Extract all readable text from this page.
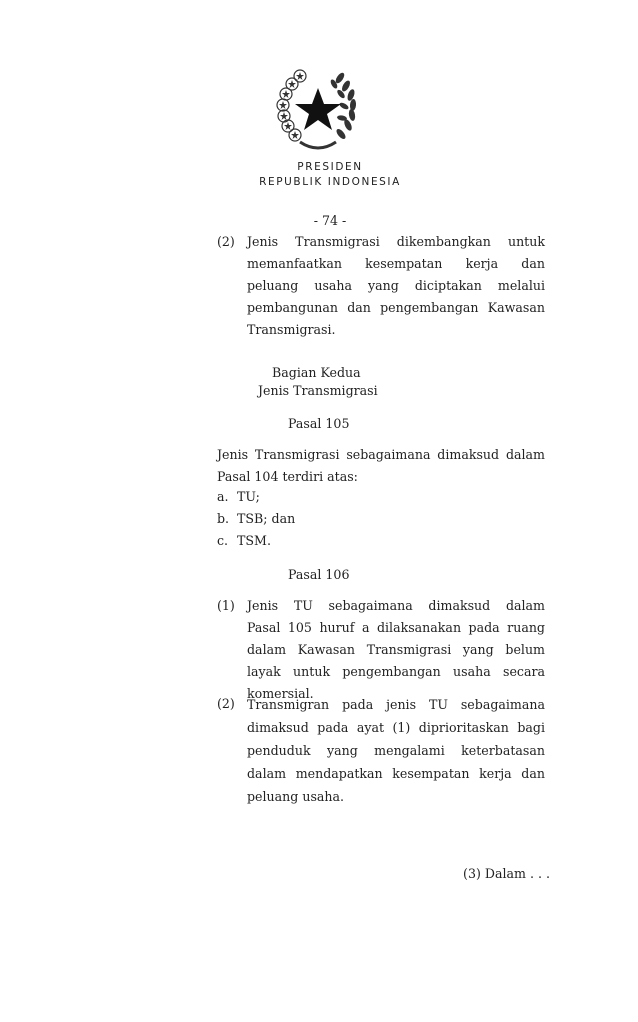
PRESIDEN
REPUBLIK INDONESIA
- 74 -
(2) Jenis Transmigrasi dikembangkan untuk
memanfaatkan kesempatan kerja dan
peluang usaha yang diciptakan melalui
pembangunan dan pengembangan Kawasan
Transmigrasi.
Bagian Kedua
Jenis Transmigrasi
Pasal 105
Jenis Transmigrasi sebagaimana dimaksud dalam
Pasal 104 terdiri atas:
a. TU;
b. TSB; dan
c. TSM.
Pasal 106
(1) Jenis TU sebagaimana dimaksud dalam
Pasal 105 huruf a dilaksanakan pada ruang
dalam Kawasan Transmigrasi yang belum
layak untuk pengembangan usaha secara
komersial.
(2) Transmigran pada jenis TU sebagaimana
dimaksud pada ayat (1) diprioritaskan bagi
penduduk yang mengalami keterbatasan
dalam mendapatkan kesempatan kerja dan
peluang usaha.
(3) Dalam . . .
